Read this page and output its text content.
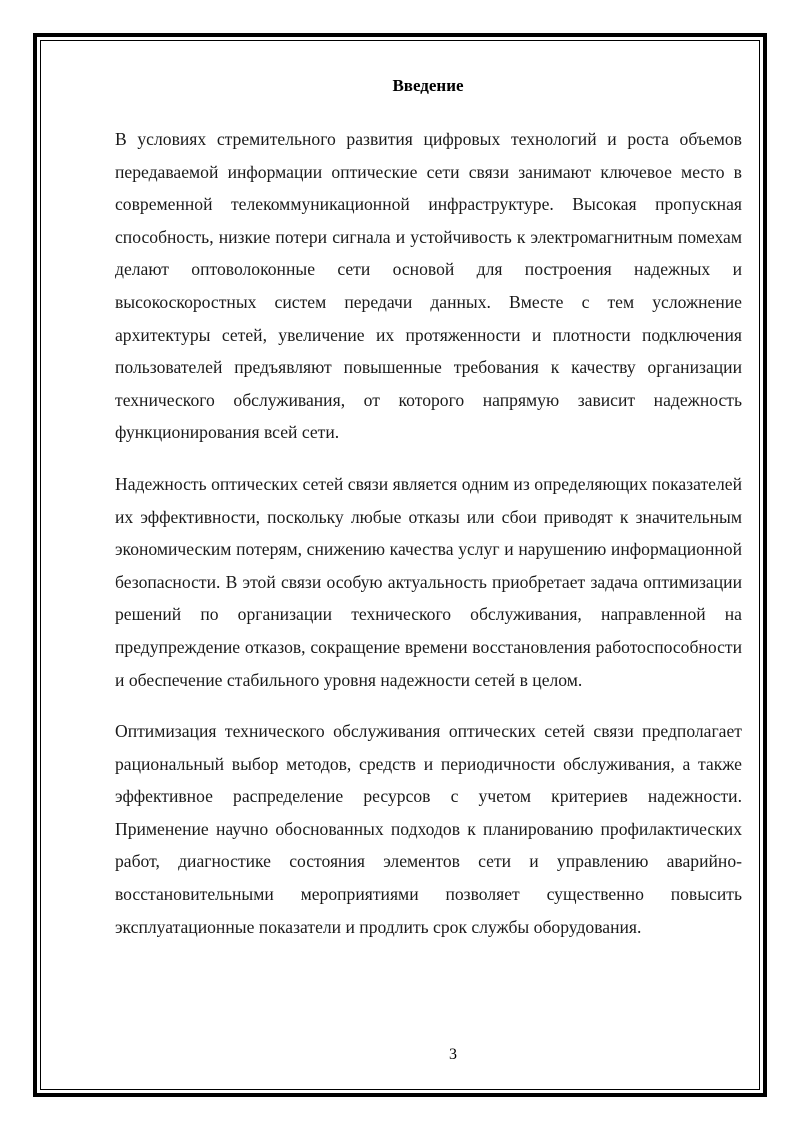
Введение

В условиях стремительного развития цифровых технологий и роста объемов передаваемой информации оптические сети связи занимают ключевое место в современной телекоммуникационной инфраструктуре. Высокая пропускная способность, низкие потери сигнала и устойчивость к электромагнитным помехам делают оптоволоконные сети основой для построения надежных и высокоскоростных систем передачи данных. Вместе с тем усложнение архитектуры сетей, увеличение их протяженности и плотности подключения пользователей предъявляют повышенные требования к качеству организации технического обслуживания, от которого напрямую зависит надежность функционирования всей сети.

Надежность оптических сетей связи является одним из определяющих показателей их эффективности, поскольку любые отказы или сбои приводят к значительным экономическим потерям, снижению качества услуг и нарушению информационной безопасности. В этой связи особую актуальность приобретает задача оптимизации решений по организации технического обслуживания, направленной на предупреждение отказов, сокращение времени восстановления работоспособности и обеспечение стабильного уровня надежности сетей в целом.

Оптимизация технического обслуживания оптических сетей связи предполагает рациональный выбор методов, средств и периодичности обслуживания, а также эффективное распределение ресурсов с учетом критериев надежности. Применение научно обоснованных подходов к планированию профилактических работ, диагностике состояния элементов сети и управлению аварийно-восстановительными мероприятиями позволяет существенно повысить эксплуатационные показатели и продлить срок службы оборудования.

3
